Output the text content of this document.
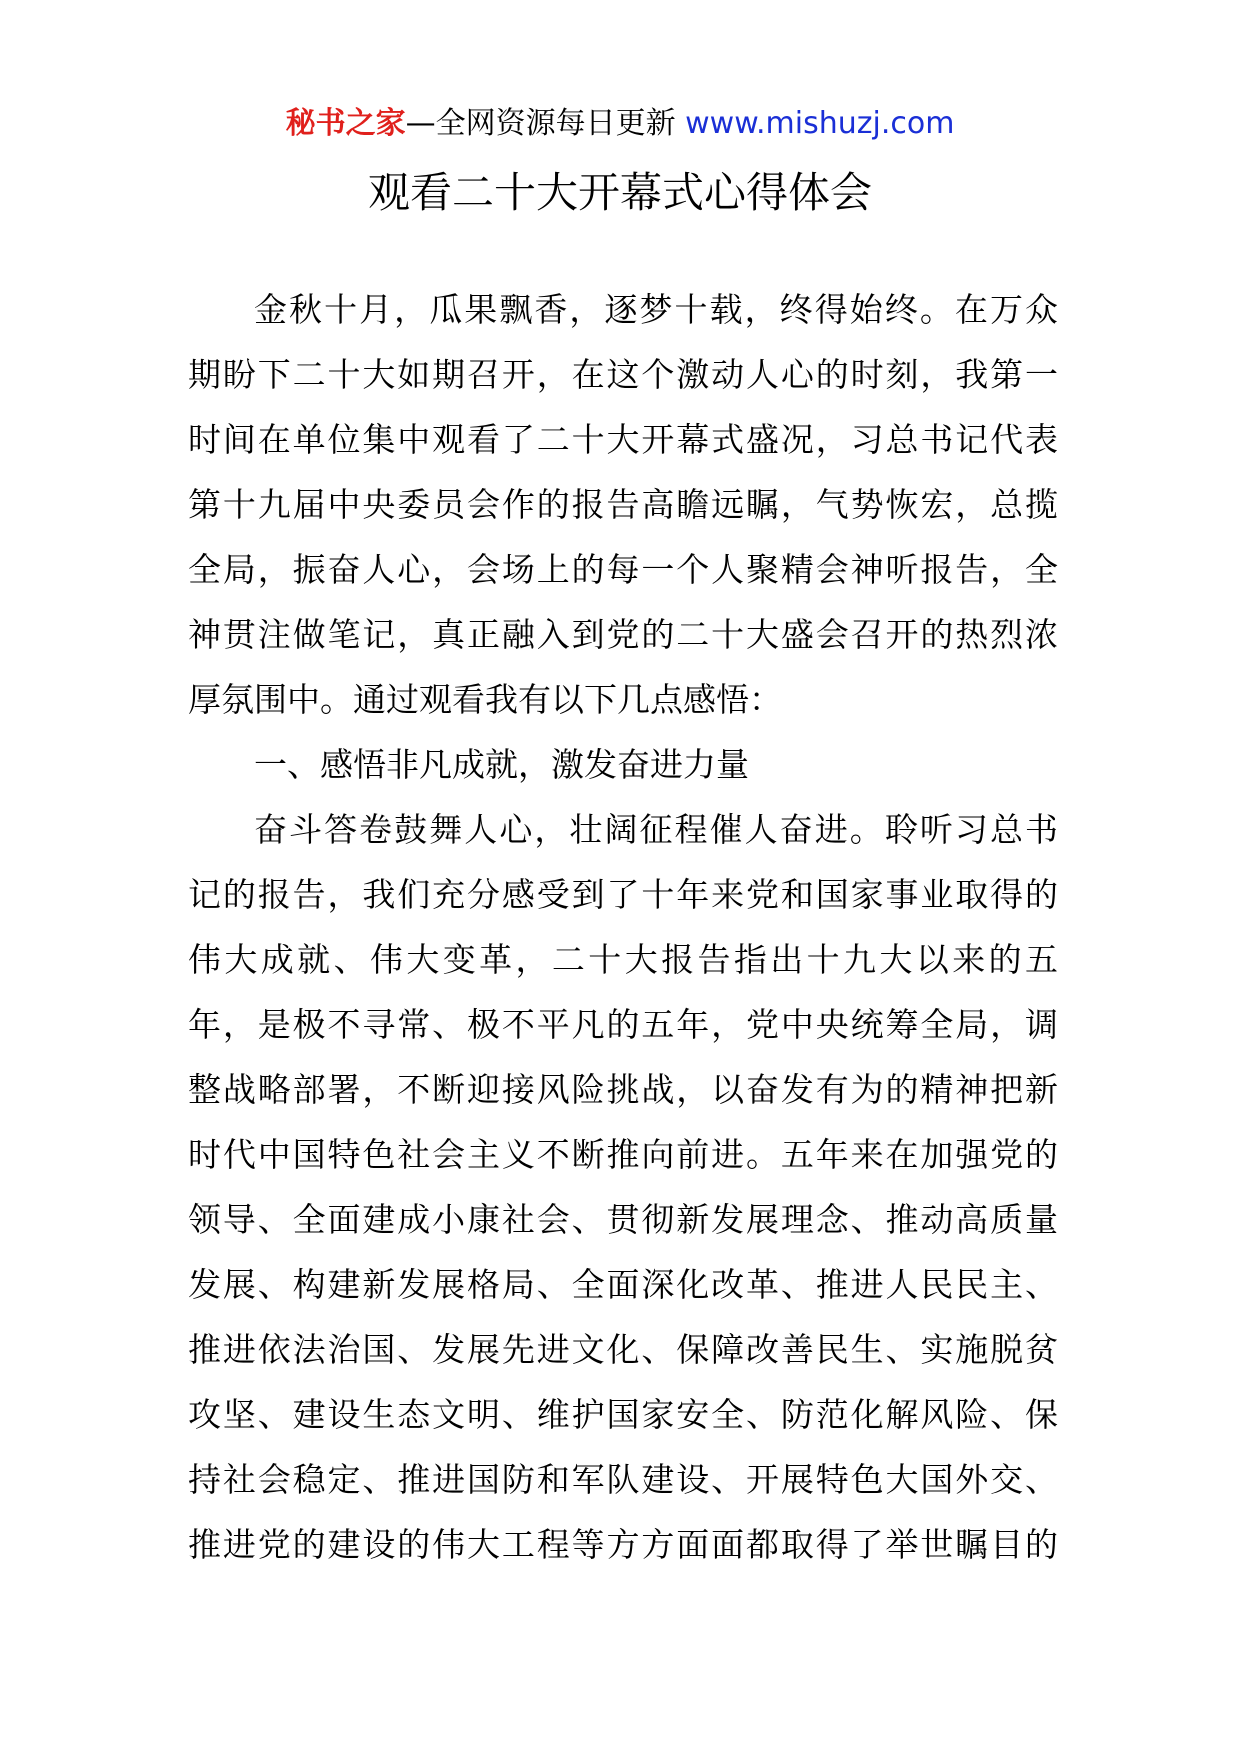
秘书之家—全网资源每日更新 www.mishuzj.com
观看二十大开幕式心得体会
金秋十月，瓜果飘香，逐梦十载，终得始终。在万众
期盼下二十大如期召开，在这个激动人心的时刻，我第一
时间在单位集中观看了二十大开幕式盛况，习总书记代表
第十九届中央委员会作的报告高瞻远瞩，气势恢宏，总揽
全局，振奋人心，会场上的每一个人聚精会神听报告，全
神贯注做笔记，真正融入到党的二十大盛会召开的热烈浓
厚氛围中。通过观看我有以下几点感悟：
一、感悟非凡成就，激发奋进力量
奋斗答卷鼓舞人心，壮阔征程催人奋进。聆听习总书
记的报告，我们充分感受到了十年来党和国家事业取得的
伟大成就、伟大变革，二十大报告指出十九大以来的五
年，是极不寻常、极不平凡的五年，党中央统筹全局，调
整战略部署，不断迎接风险挑战，以奋发有为的精神把新
时代中国特色社会主义不断推向前进。五年来在加强党的
领导、全面建成小康社会、贯彻新发展理念、推动高质量
发展、构建新发展格局、全面深化改革、推进人民民主、
推进依法治国、发展先进文化、保障改善民生、实施脱贫
攻坚、建设生态文明、维护国家安全、防范化解风险、保
持社会稳定、推进国防和军队建设、开展特色大国外交、
推进党的建设的伟大工程等方方面面都取得了举世瞩目的
